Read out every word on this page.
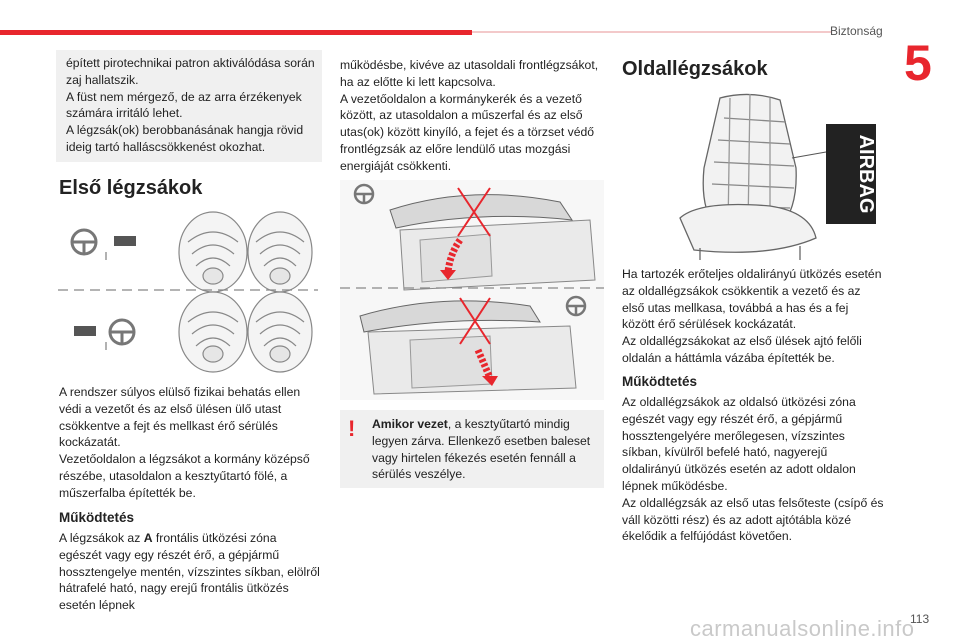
Biztonság
5

épített pirotechnikai patron aktiválódása során zaj hallatszik.
A füst nem mérgező, de az arra érzékenyek számára irritáló lehet.
A légzsák(ok) berobbanásának hangja rövid ideig tartó halláscsökkenést okozhat.

Első légzsákok

A rendszer súlyos elülső fizikai behatás ellen védi a vezetőt és az első ülésen ülő utast csökkentve a fejt és mellkast érő sérülés kockázatát.
Vezetőoldalon a légzsákot a kormány középső részébe, utasoldalon a kesztyűtartó fölé, a műszerfalba építették be.

Működtetés

A légzsákok az A frontális ütközési zóna egészét vagy egy részét érő, a gépjármű hossztengelye mentén, vízszintes síkban, elölről hátrafelé ható, nagy erejű frontális ütközés esetén lépnek

működésbe, kivéve az utasoldali frontlégzsákot, ha az előtte ki lett kapcsolva.
A vezetőoldalon a kormánykerék és a vezető között, az utasoldalon a műszerfal és az első utas(ok) között kinyíló, a fejet és a törzset védő frontlégzsák az előre lendülő utas mozgási energiáját csökkenti.

! Amikor vezet, a kesztyűtartó mindig legyen zárva. Ellenkező esetben baleset vagy hirtelen fékezés esetén fennáll a sérülés veszélye.

Oldallégzsákok
AIRBAG

Ha tartozék erőteljes oldalirányú ütközés esetén az oldallégzsákok csökkentik a vezető és az első utas mellkasa, továbbá a has és a fej között érő sérülések kockázatát.
Az oldallégzsákokat az első ülések ajtó felőli oldalán a háttámla vázába építették be.

Működtetés

Az oldallégzsákok az oldalsó ütközési zóna egészét vagy egy részét érő, a gépjármű hossztengelyére merőlegesen, vízszintes síkban, kívülről befelé ható, nagyerejű oldalirányú ütközés esetén az adott oldalon lépnek működésbe.
Az oldallégzsák az első utas felsőteste (csípő és váll közötti rész) és az adott ajtótábla közé ékelődik a felfújódást követően.

carmanualsonline.info
113
